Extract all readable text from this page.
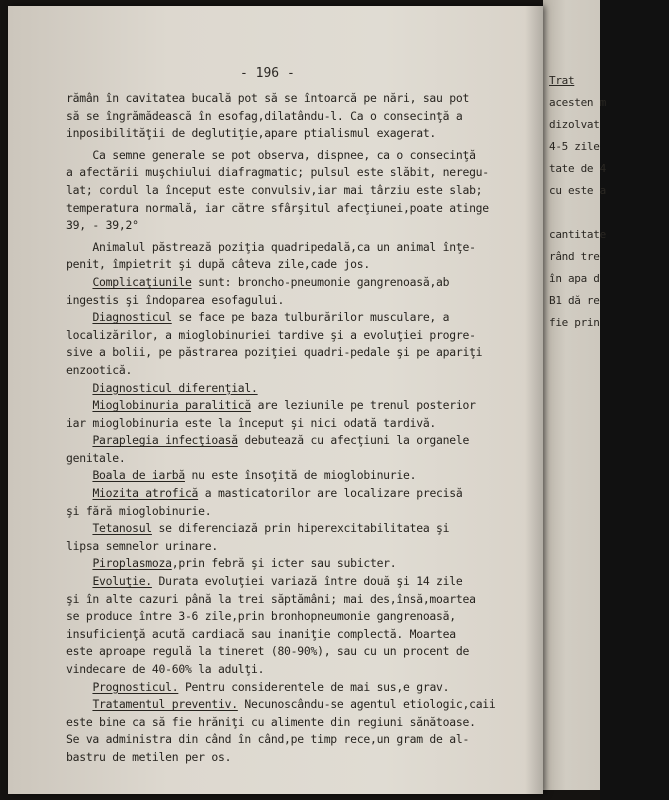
Trat
acesten m
dizolvat
4-5 zile
tate de 4
cu este a
cantitate
rând tre
în apa d
B1 dă re
fie prin
- 196 -
rămân în cavitatea bucală pot să se întoarcă pe nări, sau pot
să se îngrămădească în esofag,dilatându-l. Ca o consecinţă a
inposibilităţii de deglutiţie,apare ptialismul exagerat.
Ca semne generale se pot observa, dispnee, ca o consecinţă
a afectării muşchiului diafragmatic; pulsul este slăbit, neregu-
lat; cordul la început este convulsiv,iar mai târziu este slab;
temperatura normală, iar către sfârşitul afecţiunei,poate atinge
39, - 39,2°
Animalul păstrează poziţia quadripedală,ca un animal înţe-
penit, împietrit şi după câteva zile,cade jos.
Complicaţiunile sunt: broncho-pneumonie gangrenoasă,ab
ingestis şi îndoparea esofagului.
Diagnosticul se face pe baza tulburărilor musculare, a
localizărilor, a mioglobinuriei tardive şi a evoluţiei progre-
sive a bolii, pe păstrarea poziţiei quadri-pedale şi pe apariţi
enzootică.
Diagnosticul diferenţial.
Mioglobinuria paralitică are leziunile pe trenul posterior
iar mioglobinuria este la început şi nici odată tardivă.
Paraplegia infecţioasă debutează cu afecţiuni la organele
genitale.
Boala de iarbă nu este însoţită de mioglobinurie.
Miozita atrofică a masticatorilor are localizare precisă
şi fără mioglobinurie.
Tetanosul se diferenciază prin hiperexcitabilitatea şi
lipsa semnelor urinare.
Piroplasmoza,prin febră şi icter sau subicter.
Evoluţie. Durata evoluţiei variază între două şi 14 zile
şi în alte cazuri până la trei săptămâni; mai des,însă,moartea
se produce între 3-6 zile,prin bronhopneumonie gangrenoasă,
insuficienţă acută cardiacă sau inaniţie complectă. Moartea
este aproape regulă la tineret (80-90%), sau cu un procent de
vindecare de 40-60% la adulţi.
Prognosticul. Pentru considerentele de mai sus,e grav.
Tratamentul preventiv. Necunoscându-se agentul etiologic,caii
este bine ca să fie hrăniţi cu alimente din regiuni sănătoase.
Se va administra din când în când,pe timp rece,un gram de al-
bastru de metilen per os.
